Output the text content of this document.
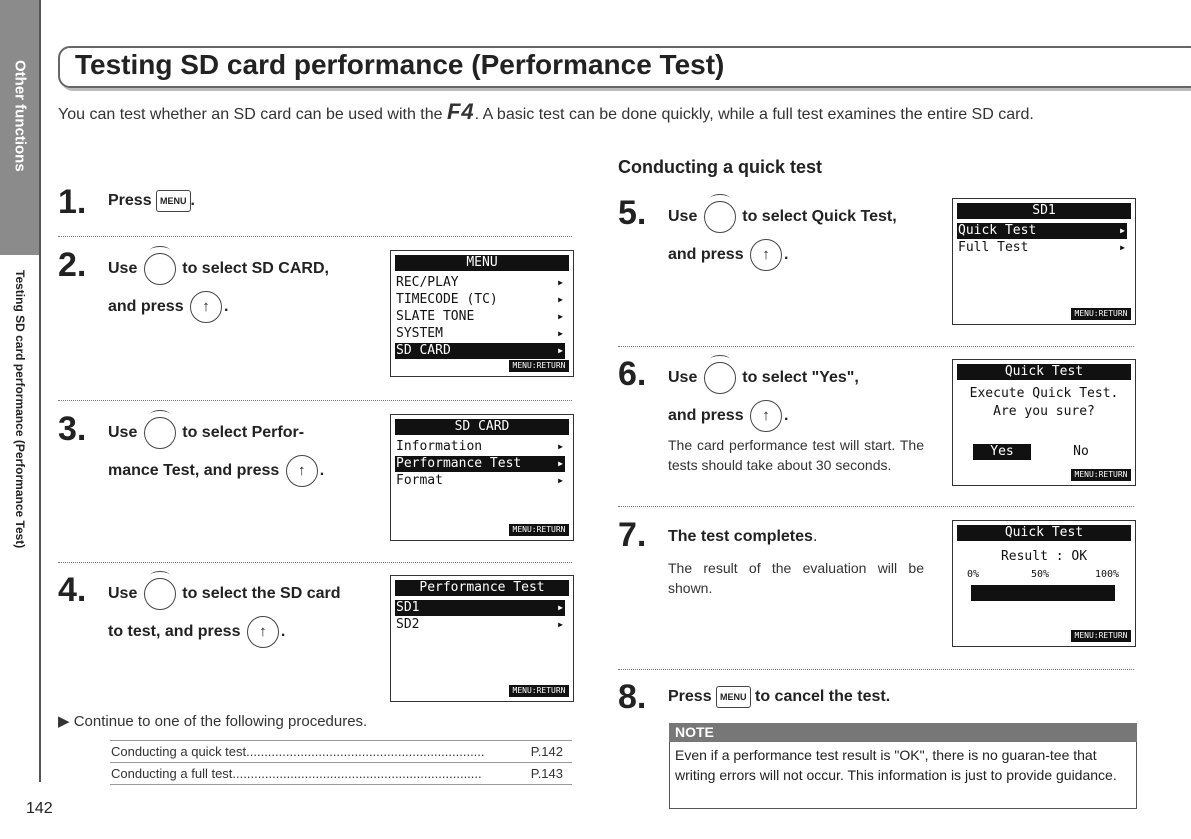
Other functions
Testing SD card performance (Performance Test)
142
Testing SD card performance (Performance Test)
You can test whether an SD card can be used with the F4. A basic test can be done quickly, while a full test examines the entire SD card.
1. Press MENU .
2. Use  to select SD CARD,
and press ↑ .
MENU
REC/PLAY	▶
TIMECODE (TC)	▶
SLATE TONE	▶
SYSTEM	▶
SD CARD	▶
MENU:RETURN
3. Use  to select Perfor-
mance Test, and press ↑ .
SD CARD
Information	▶
Performance Test	▶
Format	▶
MENU:RETURN
4. Use  to select the SD card
to test, and press ↑ .
Performance Test
SD1	▶
SD2	▶
MENU:RETURN
▶ Continue to one of the following procedures.
Conducting a quick test..................................................................	P.142
Conducting a full test.....................................................................	P.143
Conducting a quick test
5. Use  to select Quick Test,
and press ↑ .
SD1
Quick Test	▶
Full Test	▶
MENU:RETURN
6. Use  to select "Yes",
and press ↑ .
The card performance test will start. The tests should take about 30 seconds.
Quick Test
Execute Quick Test.
Are you sure?
Yes	No
MENU:RETURN
7. The test completes.
The result of the evaluation will be shown.
Quick Test
Result : OK
0%	50%	100%
MENU:RETURN
8. Press MENU to cancel the test.
NOTE
Even if a performance test result is "OK", there is no guaran-tee that writing errors will not occur. This information is just to provide guidance.
